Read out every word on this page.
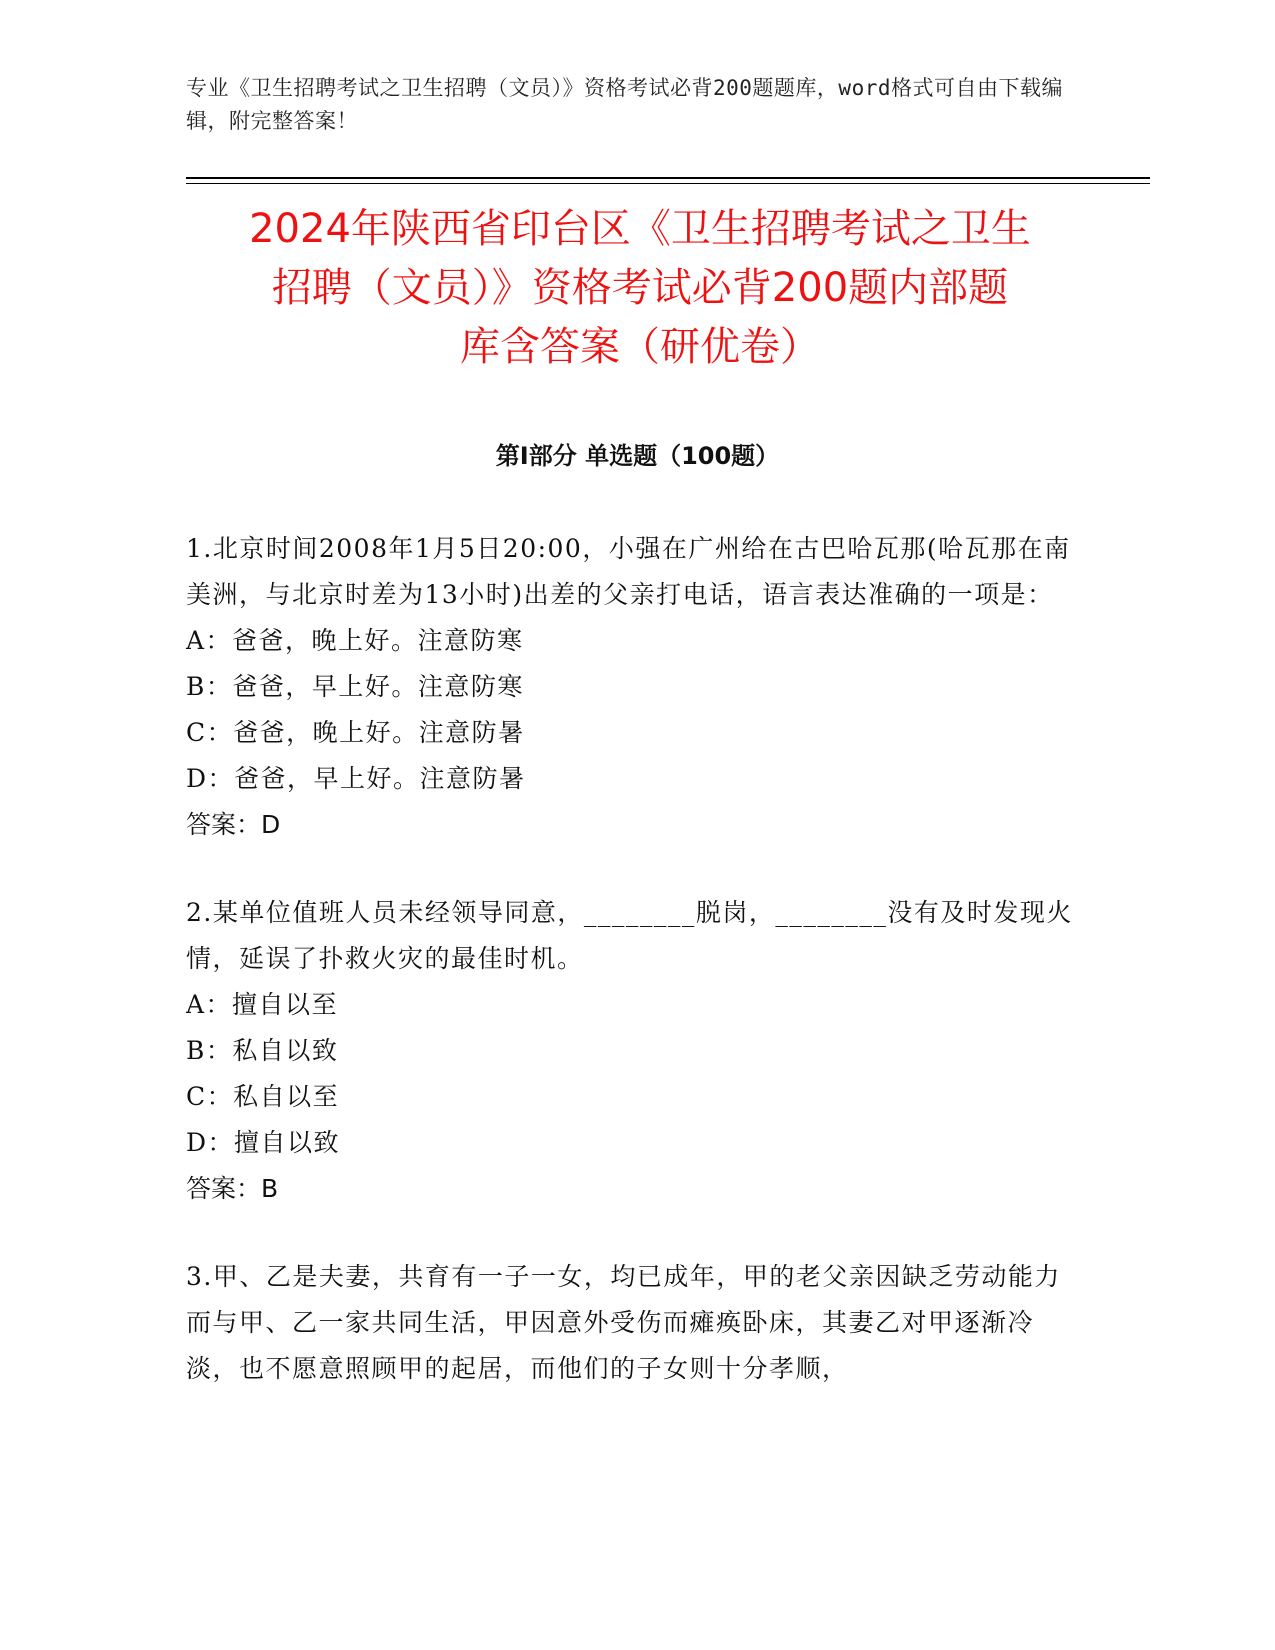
专业《卫生招聘考试之卫生招聘（文员）》资格考试必背200题题库，word格式可自由下载编辑，附完整答案！
2024年陕西省印台区《卫生招聘考试之卫生
招聘（文员）》资格考试必背200题内部题
库含答案（研优卷）
第Ⅰ部分 单选题（100题）

1.北京时间2008年1月5日20:00，小强在广州给在古巴哈瓦那(哈瓦那在南美洲，与北京时差为13小时)出差的父亲打电话，语言表达准确的一项是：

A：爸爸，晚上好。注意防寒

B：爸爸，早上好。注意防寒

C：爸爸，晚上好。注意防暑

D：爸爸，早上好。注意防暑

答案：D

2.某单位值班人员未经领导同意，________脱岗，________没有及时发现火情，延误了扑救火灾的最佳时机。

A：擅自以至

B：私自以致

C：私自以至

D：擅自以致

答案：B

3.甲、乙是夫妻，共育有一子一女，均已成年，甲的老父亲因缺乏劳动能力而与甲、乙一家共同生活，甲因意外受伤而瘫痪卧床，其妻乙对甲逐渐冷淡，也不愿意照顾甲的起居，而他们的子女则十分孝顺，
